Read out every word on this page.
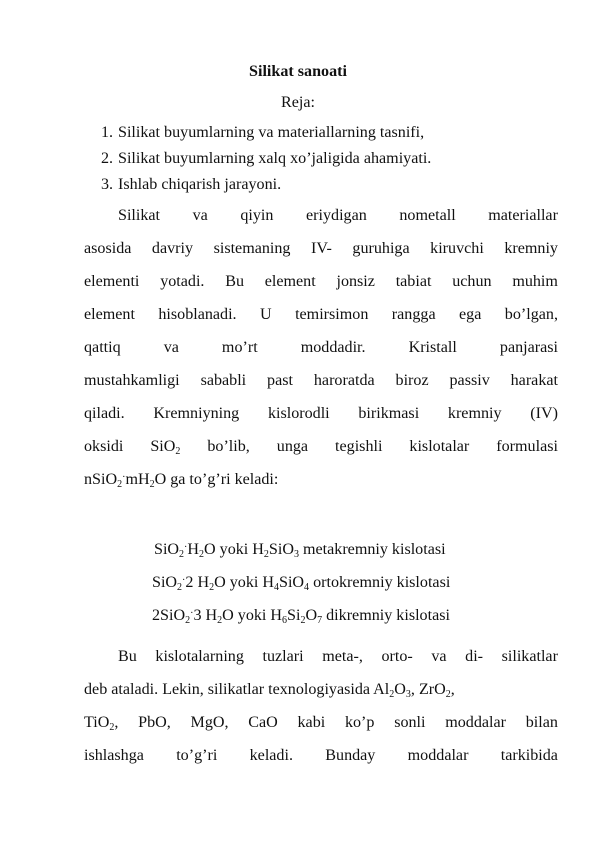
Silikat sanoati
Reja:
1. Silikat buyumlarning va materiallarning tasnifi,
2. Silikat buyumlarning xalq xo’jaligida ahamiyati.
3. Ishlab chiqarish jarayoni.
Silikat va qiyin eriydigan nometall materiallar
asosida davriy sistemaning IV- guruhiga kiruvchi kremniy
elementi yotadi. Bu element jonsiz tabiat uchun muhim
element hisoblanadi. U temirsimon rangga ega bo’lgan,
qattiq	va	mo’rt	moddadir.	Kristall	panjarasi
mustahkamligi sababli past haroratda biroz passiv harakat
qiladi. Kremniyning kislorodli birikmasi kremniy (IV)
oksidi SiO$_2$ bo’lib, unga tegishli kislotalar formulasi
$nSiO_2^\cdot mH_2O$ ga to’g’ri keladi:
$SiO_2^\cdot H_2O$ yoki $H_2SiO_3$ metakremniy kislotasi
SiO$_2$·2 $H_2O$ yoki $H_4SiO_4$ ortokremniy kislotasi
2SiO$_2$·3 $H_2O$ yoki $H_6Si_2O_7$ dikremniy kislotasi
Bu kislotalarning tuzlari meta-, orto- va di- silikatlar
deb ataladi. Lekin, silikatlar texnologiyasida $Al_2O_3$, ZrO$_2$,
TiO$_2$, PbO, MgO, CaO kabi ko’p sonli moddalar bilan
ishlashga to’g’ri keladi. Bunday moddalar tarkibida
